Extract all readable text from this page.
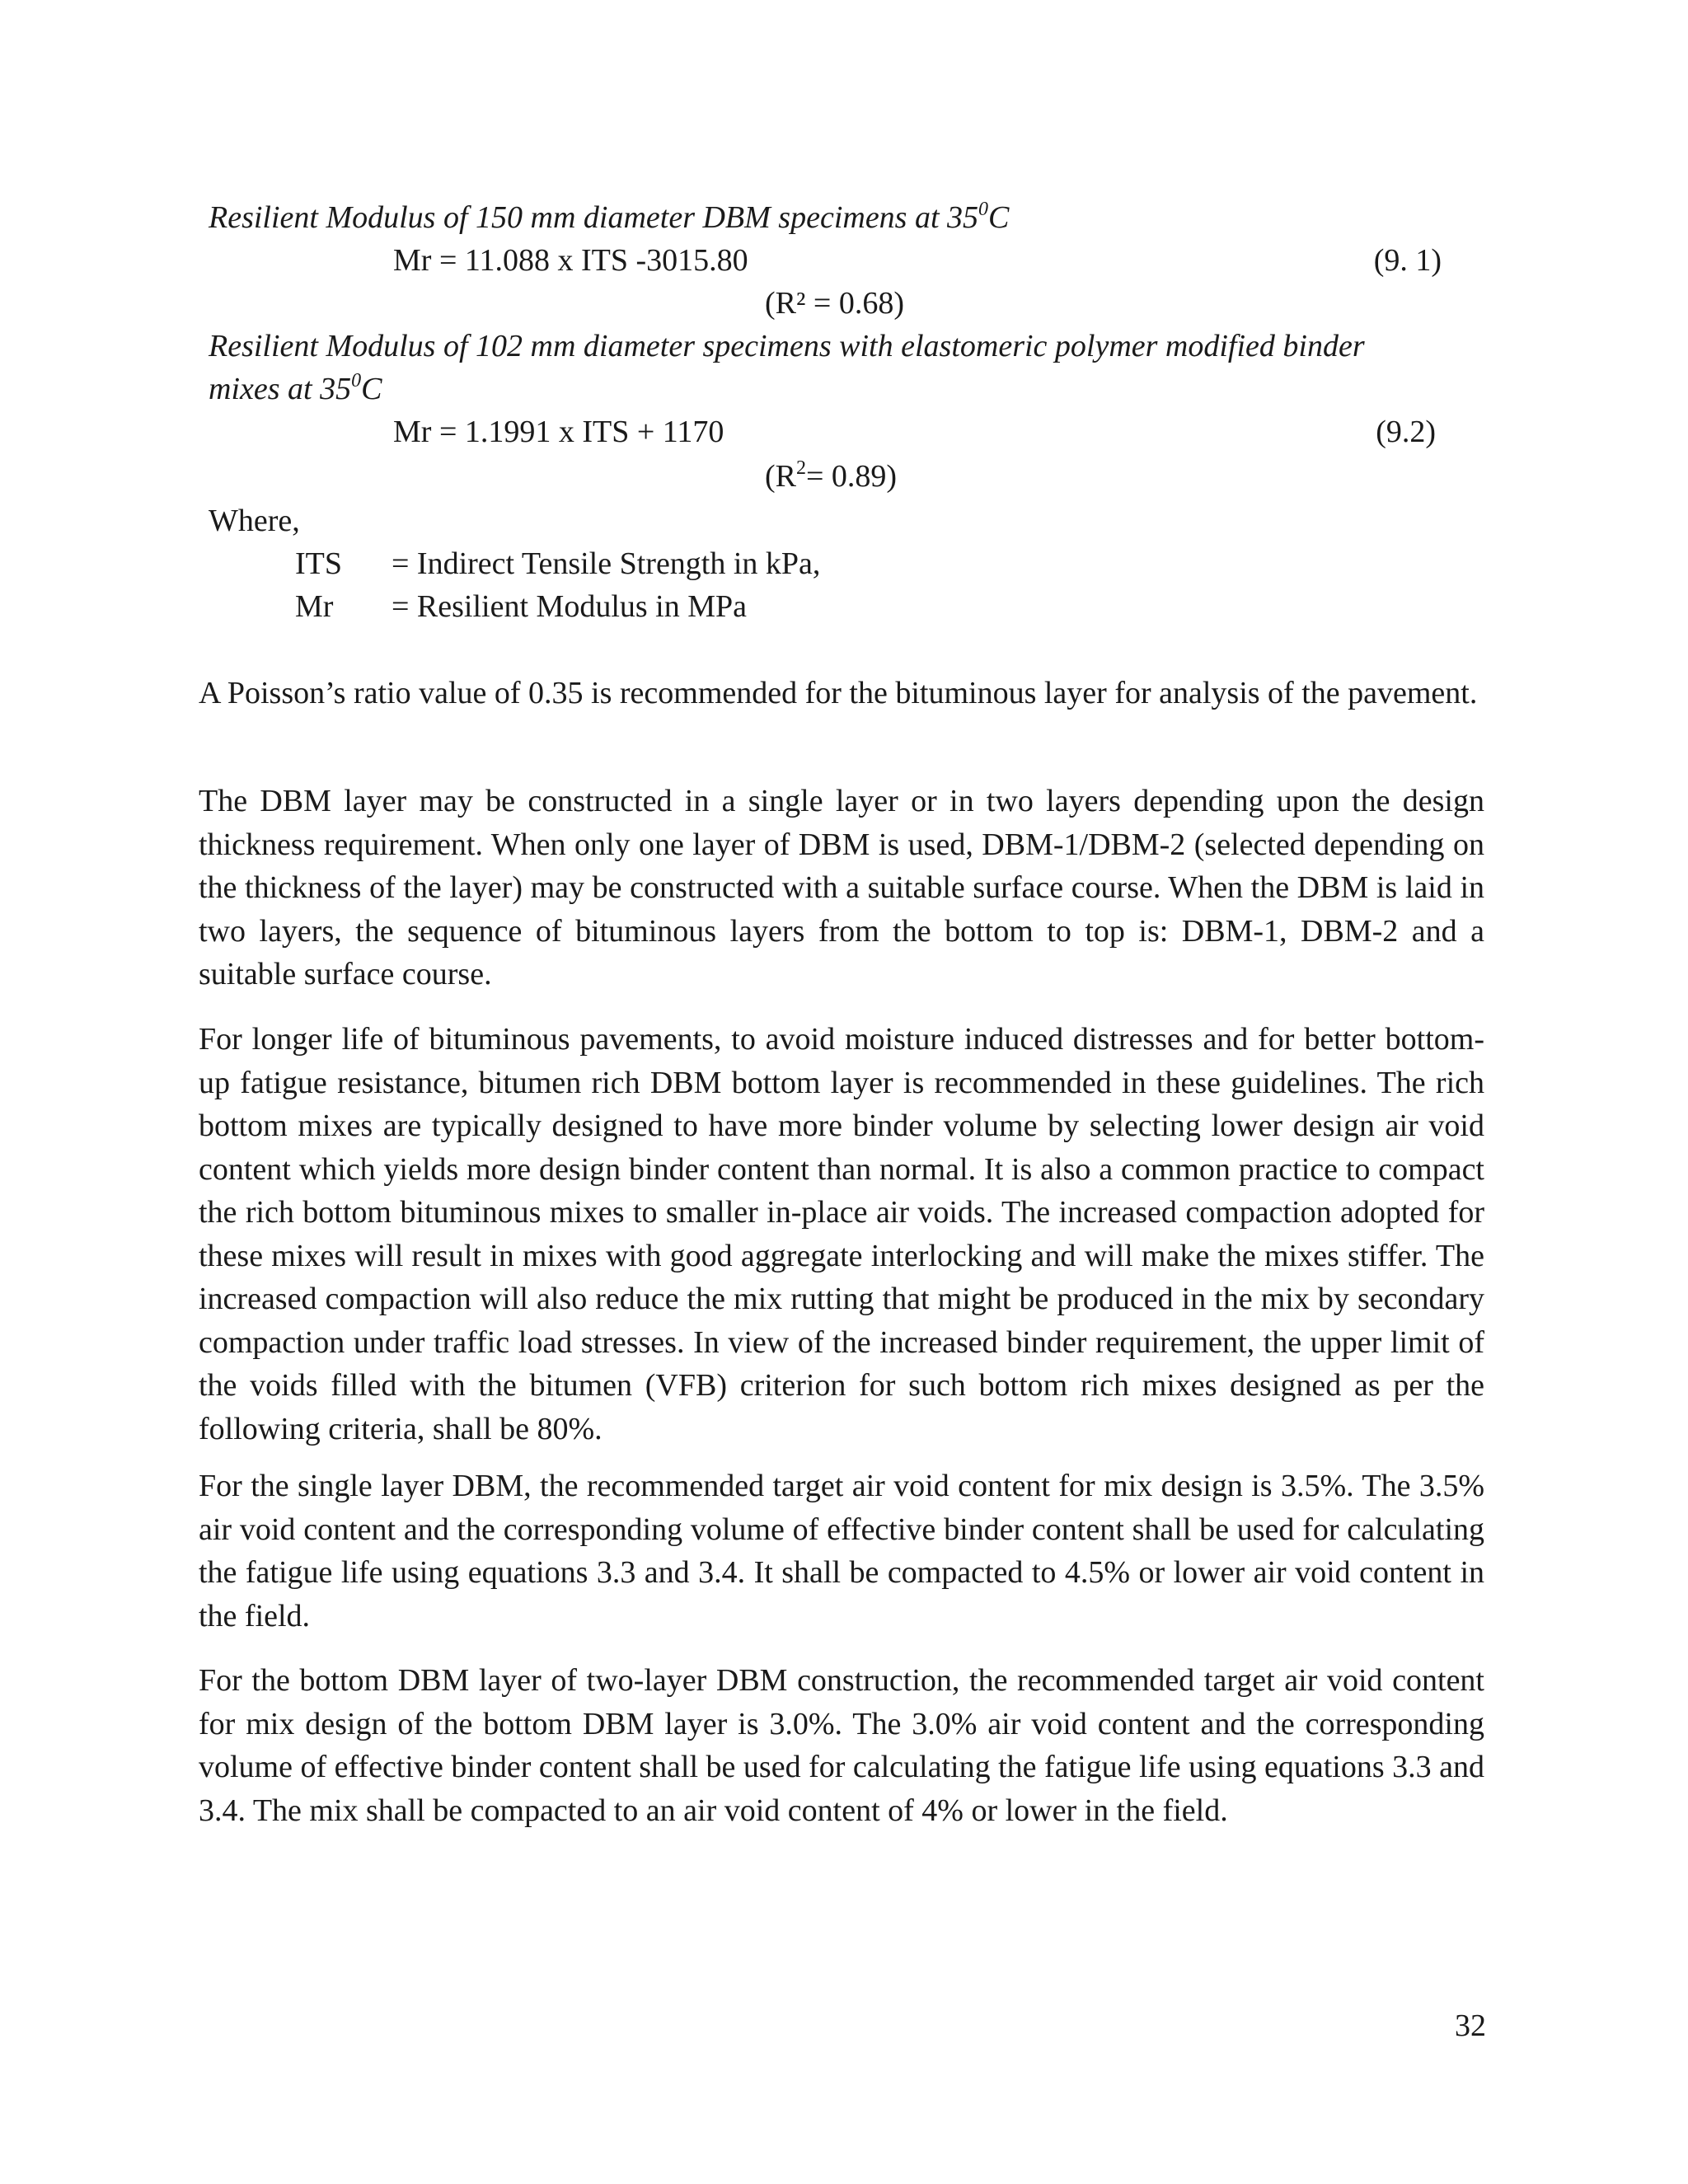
Resilient Modulus of 150 mm diameter DBM specimens at $35^0C$
Mr = 11.088 x ITS -3015.80	(9. 1)
(R² = 0.68)
Resilient Modulus of 102 mm diameter specimens with elastomeric polymer modified binder
mixes at $35^0C$
Mr = 1.1991 x ITS + 1170	(9.2)
$(R^2= 0.89)$
Where,
ITS = Indirect Tensile Strength in kPa,
Mr = Resilient Modulus in MPa

A Poisson’s ratio value of 0.35 is recommended for the bituminous layer for analysis of the pavement.

The DBM layer may be constructed in a single layer or in two layers depending upon the design thickness requirement. When only one layer of DBM is used, DBM-1/DBM-2 (selected depending on the thickness of the layer) may be constructed with a suitable surface course. When the DBM is laid in two layers, the sequence of bituminous layers from the bottom to top is: DBM-1, DBM-2 and a suitable surface course.

For longer life of bituminous pavements, to avoid moisture induced distresses and for better bottom-up fatigue resistance, bitumen rich DBM bottom layer is recommended in these guidelines. The rich bottom mixes are typically designed to have more binder volume by selecting lower design air void content which yields more design binder content than normal. It is also a common practice to compact the rich bottom bituminous mixes to smaller in-place air voids. The increased compaction adopted for these mixes will result in mixes with good aggregate interlocking and will make the mixes stiffer. The increased compaction will also reduce the mix rutting that might be produced in the mix by secondary compaction under traffic load stresses. In view of the increased binder requirement, the upper limit of the voids filled with the bitumen (VFB) criterion for such bottom rich mixes designed as per the following criteria, shall be 80%.

For the single layer DBM, the recommended target air void content for mix design is 3.5%. The 3.5% air void content and the corresponding volume of effective binder content shall be used for calculating the fatigue life using equations 3.3 and 3.4. It shall be compacted to 4.5% or lower air void content in the field.

For the bottom DBM layer of two-layer DBM construction, the recommended target air void content for mix design of the bottom DBM layer is 3.0%. The 3.0% air void content and the corresponding volume of effective binder content shall be used for calculating the fatigue life using equations 3.3 and 3.4. The mix shall be compacted to an air void content of 4% or lower in the field.

32
